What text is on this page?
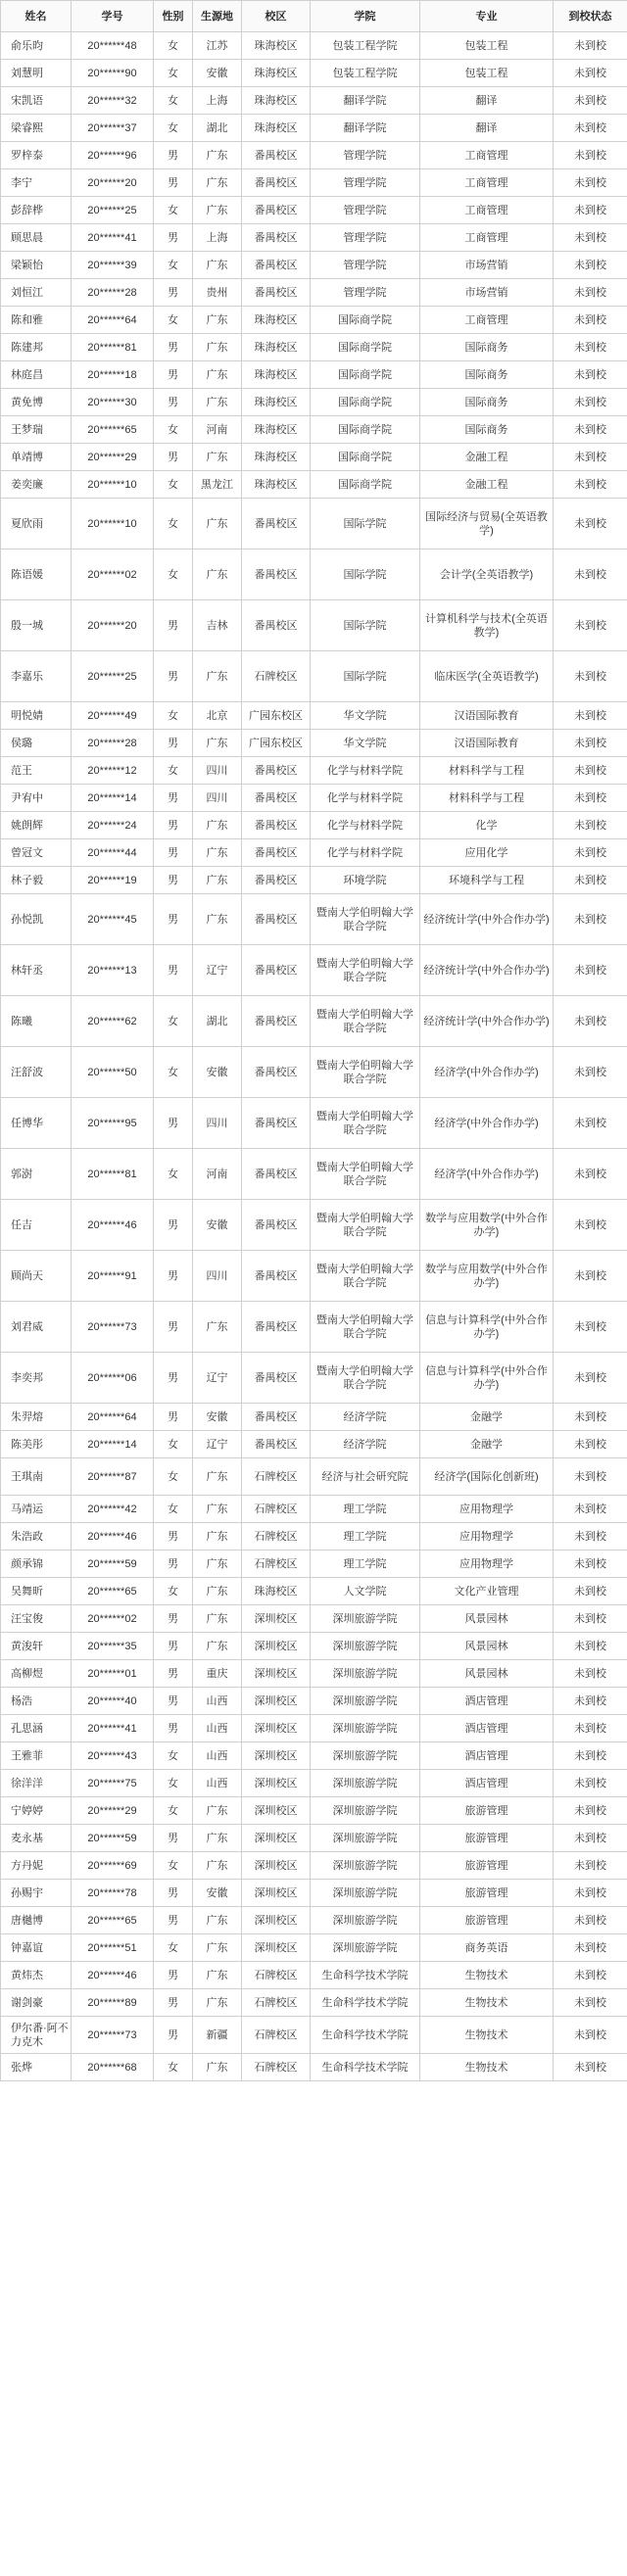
姓名	学号	性别	生源地	校区	学院	专业	到校状态
俞乐昀	20******48	女	江苏	珠海校区	包装工程学院	包装工程	未到校
刘慧明	20******90	女	安徽	珠海校区	包装工程学院	包装工程	未到校
宋凯语	20******32	女	上海	珠海校区	翻译学院	翻译	未到校
梁睿熙	20******37	女	湖北	珠海校区	翻译学院	翻译	未到校
罗梓泰	20******96	男	广东	番禺校区	管理学院	工商管理	未到校
李宁	20******20	男	广东	番禺校区	管理学院	工商管理	未到校
彭辞桦	20******25	女	广东	番禺校区	管理学院	工商管理	未到校
顾思晨	20******41	男	上海	番禺校区	管理学院	工商管理	未到校
梁颖怡	20******39	女	广东	番禺校区	管理学院	市场营销	未到校
刘恒江	20******28	男	贵州	番禺校区	管理学院	市场营销	未到校
陈和雅	20******64	女	广东	珠海校区	国际商学院	工商管理	未到校
陈建邦	20******81	男	广东	珠海校区	国际商学院	国际商务	未到校
林庭昌	20******18	男	广东	珠海校区	国际商学院	国际商务	未到校
黄免博	20******30	男	广东	珠海校区	国际商学院	国际商务	未到校
王梦瑞	20******65	女	河南	珠海校区	国际商学院	国际商务	未到校
单靖博	20******29	男	广东	珠海校区	国际商学院	金融工程	未到校
姜奕廉	20******10	女	黑龙江	珠海校区	国际商学院	金融工程	未到校
夏欣雨	20******10	女	广东	番禺校区	国际学院	国际经济与贸易(全英语教学)	未到校
陈语媛	20******02	女	广东	番禺校区	国际学院	会计学(全英语教学)	未到校
殷一城	20******20	男	吉林	番禺校区	国际学院	计算机科学与技术(全英语教学)	未到校
李嘉乐	20******25	男	广东	石牌校区	国际学院	临床医学(全英语教学)	未到校
明悦婧	20******49	女	北京	广园东校区	华文学院	汉语国际教育	未到校
侯璐	20******28	男	广东	广园东校区	华文学院	汉语国际教育	未到校
范王	20******12	女	四川	番禺校区	化学与材料学院	材料科学与工程	未到校
尹宥中	20******14	男	四川	番禺校区	化学与材料学院	材料科学与工程	未到校
姚朗辉	20******24	男	广东	番禺校区	化学与材料学院	化学	未到校
曾冠文	20******44	男	广东	番禺校区	化学与材料学院	应用化学	未到校
林子毅	20******19	男	广东	番禺校区	环境学院	环境科学与工程	未到校
孙悦凯	20******45	男	广东	番禺校区	暨南大学伯明翰大学联合学院	经济统计学(中外合作办学)	未到校
林轩丞	20******13	男	辽宁	番禺校区	暨南大学伯明翰大学联合学院	经济统计学(中外合作办学)	未到校
陈曦	20******62	女	湖北	番禺校区	暨南大学伯明翰大学联合学院	经济统计学(中外合作办学)	未到校
汪舒波	20******50	女	安徽	番禺校区	暨南大学伯明翰大学联合学院	经济学(中外合作办学)	未到校
任博华	20******95	男	四川	番禺校区	暨南大学伯明翰大学联合学院	经济学(中外合作办学)	未到校
郭澍	20******81	女	河南	番禺校区	暨南大学伯明翰大学联合学院	经济学(中外合作办学)	未到校
任吉	20******46	男	安徽	番禺校区	暨南大学伯明翰大学联合学院	数学与应用数学(中外合作办学)	未到校
顾尚天	20******91	男	四川	番禺校区	暨南大学伯明翰大学联合学院	数学与应用数学(中外合作办学)	未到校
刘君威	20******73	男	广东	番禺校区	暨南大学伯明翰大学联合学院	信息与计算科学(中外合作办学)	未到校
李奕邦	20******06	男	辽宁	番禺校区	暨南大学伯明翰大学联合学院	信息与计算科学(中外合作办学)	未到校
朱羿熔	20******64	男	安徽	番禺校区	经济学院	金融学	未到校
陈美彤	20******14	女	辽宁	番禺校区	经济学院	金融学	未到校
王琪南	20******87	女	广东	石牌校区	经济与社会研究院	经济学(国际化创新班)	未到校
马靖运	20******42	女	广东	石牌校区	理工学院	应用物理学	未到校
朱浩政	20******46	男	广东	石牌校区	理工学院	应用物理学	未到校
颜承锦	20******59	男	广东	石牌校区	理工学院	应用物理学	未到校
吴舞昕	20******65	女	广东	珠海校区	人文学院	文化产业管理	未到校
汪宝俊	20******02	男	广东	深圳校区	深圳旅游学院	风景园林	未到校
黄浚轩	20******35	男	广东	深圳校区	深圳旅游学院	风景园林	未到校
高柳煜	20******01	男	重庆	深圳校区	深圳旅游学院	风景园林	未到校
杨浩	20******40	男	山西	深圳校区	深圳旅游学院	酒店管理	未到校
孔思涵	20******41	男	山西	深圳校区	深圳旅游学院	酒店管理	未到校
王雅菲	20******43	女	山西	深圳校区	深圳旅游学院	酒店管理	未到校
徐洋洋	20******75	女	山西	深圳校区	深圳旅游学院	酒店管理	未到校
宁婷婷	20******29	女	广东	深圳校区	深圳旅游学院	旅游管理	未到校
麦永基	20******59	男	广东	深圳校区	深圳旅游学院	旅游管理	未到校
方丹妮	20******69	女	广东	深圳校区	深圳旅游学院	旅游管理	未到校
孙赐宇	20******78	男	安徽	深圳校区	深圳旅游学院	旅游管理	未到校
唐樾博	20******65	男	广东	深圳校区	深圳旅游学院	旅游管理	未到校
钟嘉谊	20******51	女	广东	深圳校区	深圳旅游学院	商务英语	未到校
黄炜杰	20******46	男	广东	石牌校区	生命科学技术学院	生物技术	未到校
谢剑豪	20******89	男	广东	石牌校区	生命科学技术学院	生物技术	未到校
伊尔番·阿不力克木	20******73	男	新疆	石牌校区	生命科学技术学院	生物技术	未到校
张烨	20******68	女	广东	石牌校区	生命科学技术学院	生物技术	未到校
